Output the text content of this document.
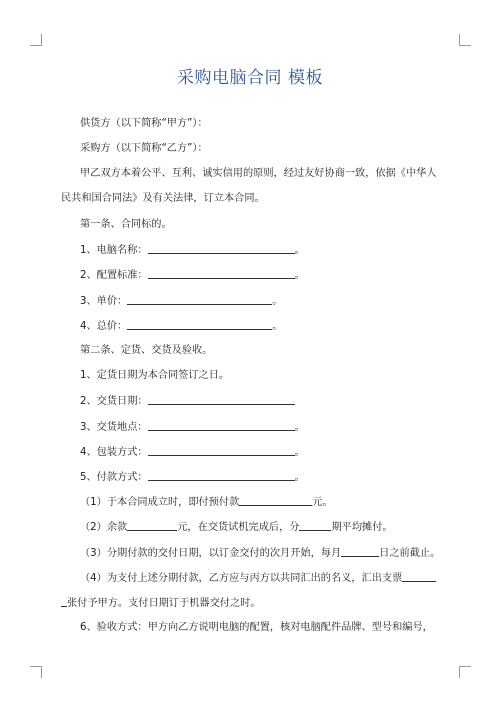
采购电脑合同 模板
供货方（以下简称“甲方”）：
采购方（以下简称“乙方”）：
甲乙双方本着公平、互利、诚实信用的原则，经过友好协商一致，依据《中华人
民共和国合同法》及有关法律，订立本合同。
第一条、合同标的。
1、电脑名称：	。
2、配置标准：	。
3、单价：	。
4、总价：	。
第二条、定货、交货及验收。
1、定货日期为本合同签订之日。
2、交货日期：
3、交货地点：	。
4、包装方式：	。
5、付款方式：	。
（1）于本合同成立时，即付预付款	元。
（2）余款	元，在交货试机完成后，分	期平均摊付。
（3）分期付款的交付日期，以订金交付的次月开始，每月	日之前截止。
（4）为支付上述分期付款，乙方应与丙方以共同汇出的名义，汇出支票
张付予甲方。支付日期订于机器交付之时。
6、验收方式：甲方向乙方说明电脑的配置，核对电脑配件品牌、型号和编号，
